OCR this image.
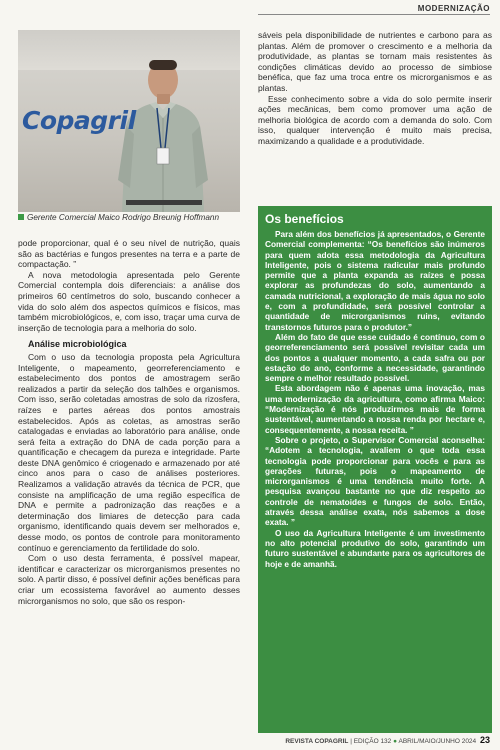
MODERNIZAÇÃO
Copagril
Gerente Comercial Maico Rodrigo Breunig Hoffmann

sáveis pela disponibilidade de nutrientes e carbono para as plantas. Além de promover o crescimento e a melhoria da produtividade, as plantas se tornam mais resistentes às condições climáticas devido ao processo de simbiose benéfica, que faz uma troca entre os microrganismos e as plantas.

Esse conhecimento sobre a vida do solo permite inserir ações mecânicas, bem como promover uma ação de melhoria biológica de acordo com a demanda do solo. Com isso, qualquer intervenção é muito mais precisa, maximizando a qualidade e a produtividade.

pode proporcionar, qual é o seu nível de nutrição, quais são as bactérias e fungos presentes na terra e a parte de compactação. ”

A nova metodologia apresentada pelo Gerente Comercial contempla dois diferenciais: a análise dos primeiros 60 centímetros do solo, buscando conhecer a vida do solo além dos aspectos químicos e físicos, mas também microbiológicos, e, com isso, traçar uma curva de inserção de tecnologia para a melhoria do solo.

Análise microbiológica

Com o uso da tecnologia proposta pela Agricultura Inteligente, o mapeamento, georreferenciamento e estabelecimento dos pontos de amostragem serão realizados a partir da seleção dos talhões e organismos. Com isso, serão coletadas amostras de solo da rizosfera, raízes e partes aéreas dos pontos amostrais estabelecidos. Após as coletas, as amostras serão catalogadas e enviadas ao laboratório para análise, onde será feita a extração do DNA de cada porção para a quantificação e checagem da pureza e integridade. Parte deste DNA genômico é criogenado e armazenado por até cinco anos para o caso de análises posteriores. Realizamos a validação através da técnica de PCR, que consiste na amplificação de uma região específica de DNA e permite a padronização das reações e a determinação dos limiares de detecção para cada organismo, identificando quais devem ser melhorados e, desse modo, os pontos de controle para monitoramento contínuo e gerenciamento da fertilidade do solo.

Com o uso desta ferramenta, é possível mapear, identificar e caracterizar os microrganismos presentes no solo. A partir disso, é possível definir ações benéficas para criar um ecossistema favorável ao aumento desses microrganismos no solo, que são os respon-

Os benefícios

Para além dos benefícios já apresentados, o Gerente Comercial complementa: “Os benefícios são inúmeros para quem adota essa metodologia da Agricultura Inteligente, pois o sistema radicular mais profundo permite que a planta expanda as raízes e possa explorar as profundezas do solo, aumentando a camada nutricional, a exploração de mais água no solo e, com a profundidade, será possível controlar a quantidade de microrganismos ruins, evitando transtornos futuros para o produtor.”

Além do fato de que esse cuidado é contínuo, com o georreferenciamento será possível revisitar cada um dos pontos a qualquer momento, a cada safra ou por estação do ano, conforme a necessidade, garantindo sempre o melhor resultado possível.

Esta abordagem não é apenas uma inovação, mas uma modernização da agricultura, como afirma Maico: “Modernização é nós produzirmos mais de forma sustentável, aumentando a nossa renda por hectare e, consequentemente, a nossa receita. ”

Sobre o projeto, o Supervisor Comercial aconselha: “Adotem a tecnologia, avaliem o que toda essa tecnologia pode proporcionar para vocês e para as gerações futuras, pois o mapeamento de microrganismos é uma tendência muito forte. A pesquisa avançou bastante no que diz respeito ao controle de nematoides e fungos de solo. Então, através dessa análise exata, nós sabemos a dose exata. ”

O uso da Agricultura Inteligente é um investimento no alto potencial produtivo do solo, garantindo um futuro sustentável e abundante para os agricultores de hoje e de amanhã.

REVISTA COPAGRIL | EDIÇÃO 132 ● ABRIL/MAIO/JUNHO 2024 23
